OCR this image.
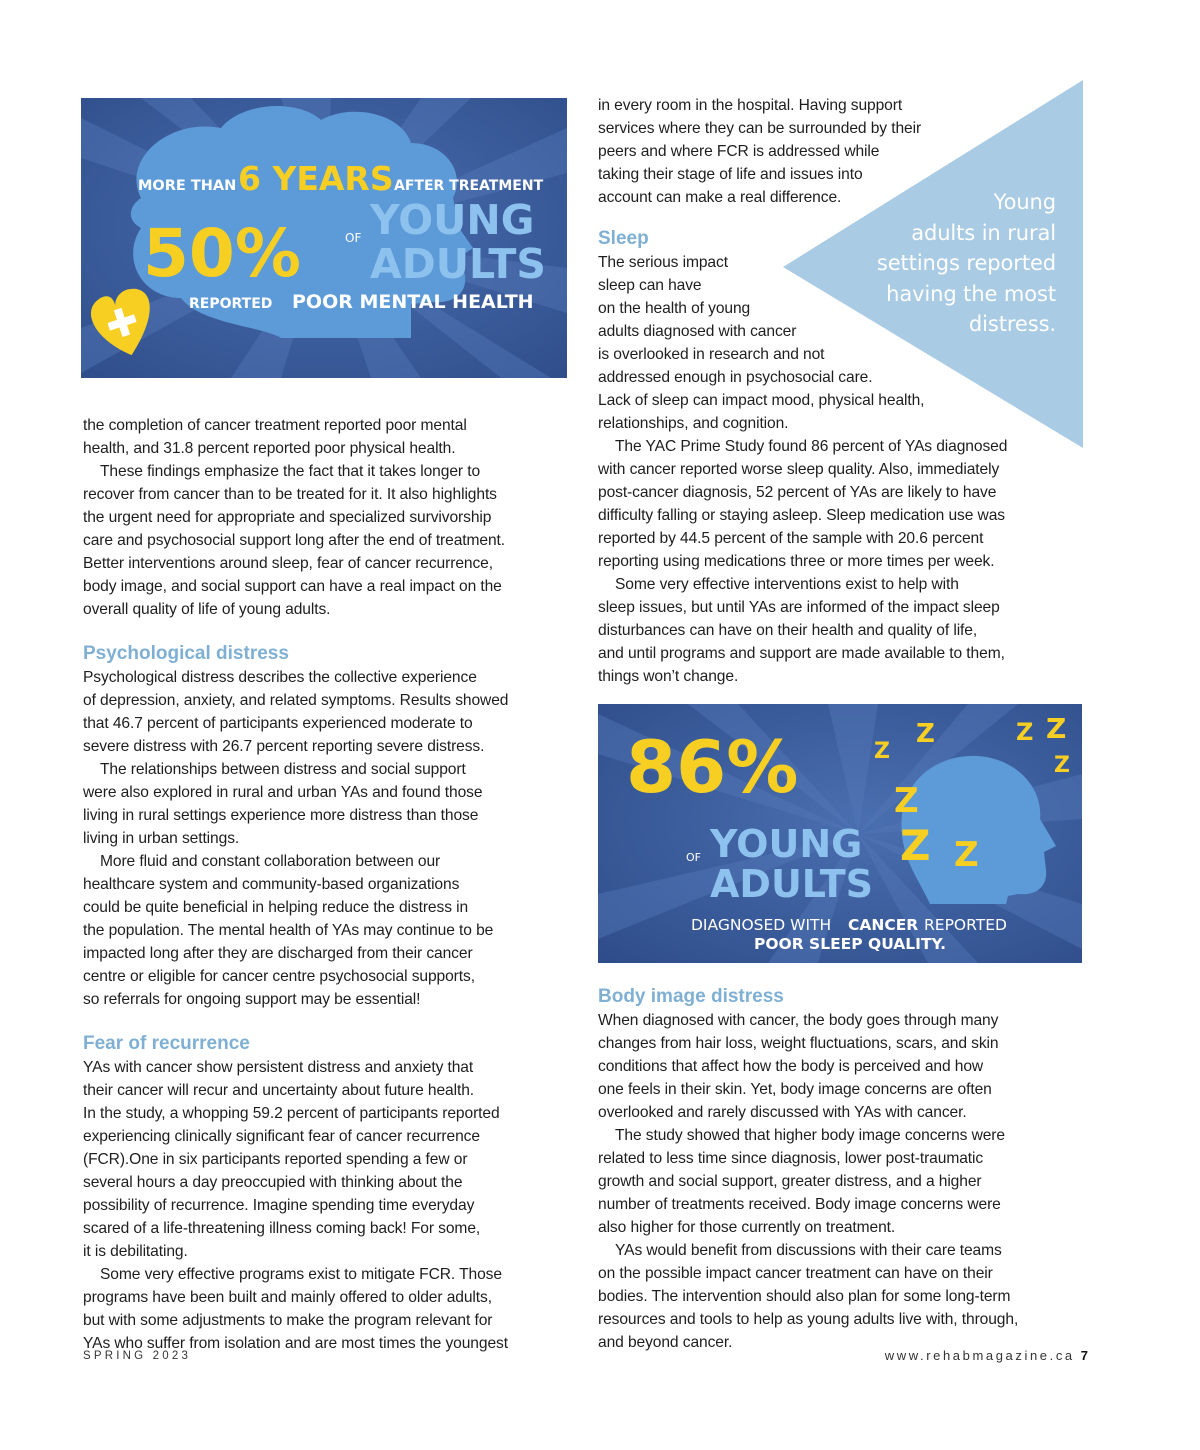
MORE THAN 6 YEARS AFTER TREATMENT
50%	OF YOUNG
ADULTS
REPORTED POOR MENTAL HEALTH
Young
adults in rural
settings reported
having the most
distress.

the completion of cancer treatment reported poor mental
health, and 31.8 percent reported poor physical health.

These findings emphasize the fact that it takes longer to
recover from cancer than to be treated for it. It also highlights
the urgent need for appropriate and specialized survivorship
care and psychosocial support long after the end of treatment.
Better interventions around sleep, fear of cancer recurrence,
body image, and social support can have a real impact on the
overall quality of life of young adults.

Psychological distress

Psychological distress describes the collective experience
of depression, anxiety, and related symptoms. Results showed
that 46.7 percent of participants experienced moderate to
severe distress with 26.7 percent reporting severe distress.

The relationships between distress and social support
were also explored in rural and urban YAs and found those
living in rural settings experience more distress than those
living in urban settings.

More fluid and constant collaboration between our
healthcare system and community-based organizations
could be quite beneficial in helping reduce the distress in
the population. The mental health of YAs may continue to be
impacted long after they are discharged from their cancer
centre or eligible for cancer centre psychosocial supports,
so referrals for ongoing support may be essential!

Fear of recurrence

YAs with cancer show persistent distress and anxiety that
their cancer will recur and uncertainty about future health.
In the study, a whopping 59.2 percent of participants reported
experiencing clinically significant fear of cancer recurrence
(FCR).One in six participants reported spending a few or
several hours a day preoccupied with thinking about the
possibility of recurrence. Imagine spending time everyday
scared of a life-threatening illness coming back! For some,
it is debilitating.

Some very effective programs exist to mitigate FCR. Those
programs have been built and mainly offered to older adults,
but with some adjustments to make the program relevant for
YAs who suffer from isolation and are most times the youngest

in every room in the hospital. Having support
services where they can be surrounded by their
peers and where FCR is addressed while
taking their stage of life and issues into
account can make a real difference.

Sleep

The serious impact
sleep can have
on the health of young
adults diagnosed with cancer
is overlooked in research and not
addressed enough in psychosocial care.
Lack of sleep can impact mood, physical health,
relationships, and cognition.

The YAC Prime Study found 86 percent of YAs diagnosed
with cancer reported worse sleep quality. Also, immediately
post-cancer diagnosis, 52 percent of YAs are likely to have
difficulty falling or staying asleep. Sleep medication use was
reported by 44.5 percent of the sample with 20.6 percent
reporting using medications three or more times per week.

Some very effective interventions exist to help with
sleep issues, but until YAs are informed of the impact sleep
disturbances can have on their health and quality of life,
and until programs and support are made available to them,
things won’t change.

86%
OF YOUNG
ADULTS
Z
Z	Z Z
Z
Z
Z Z
DIAGNOSED WITH CANCER REPORTED
POOR SLEEP QUALITY.
Body image distress

When diagnosed with cancer, the body goes through many
changes from hair loss, weight fluctuations, scars, and skin
conditions that affect how the body is perceived and how
one feels in their skin. Yet, body image concerns are often
overlooked and rarely discussed with YAs with cancer.

The study showed that higher body image concerns were
related to less time since diagnosis, lower post-traumatic
growth and social support, greater distress, and a higher
number of treatments received. Body image concerns were
also higher for those currently on treatment.

YAs would benefit from discussions with their care teams
on the possible impact cancer treatment can have on their
bodies. The intervention should also plan for some long-term
resources and tools to help as young adults live with, through,
and beyond cancer.

SPRING 2023	www.rehabmagazine.ca 7
